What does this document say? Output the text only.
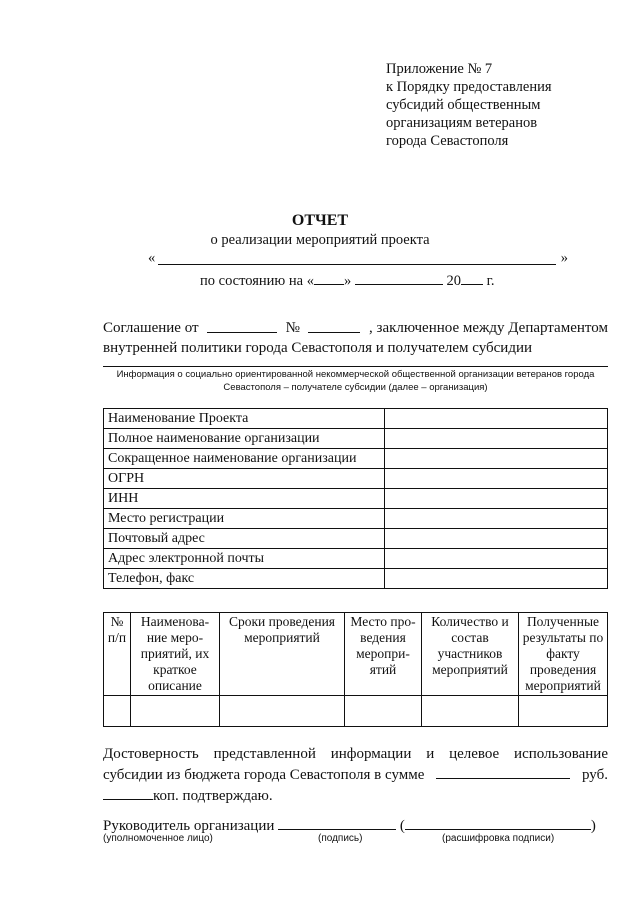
Приложение № 7
к Порядку предоставления
субсидий общественным
организациям ветеранов
города Севастополя
ОТЧЕТ
о реализации мероприятий проекта
«	»
по состоянию на « »	20 г.
Соглашение от	№	, заключенное между Департаментом
внутренней политики города Севастополя и получателем субсидии
Информация о социально ориентированной некоммерческой общественной организации ветеранов города
Севастополя – получателе субсидии (далее – организация)
Наименование Проекта	
Полное наименование организации	
Сокращенное наименование организации	
ОГРН	
ИНН	
Место регистрации	
Почтовый адрес	
Адрес электронной почты	
Телефон, факс	
№ п/п	Наименова-ние меро-приятий, их краткое описание	Сроки проведения мероприятий	Место про-ведения меропри-ятий	Количество и состав участников мероприятий	Полученные результаты по факту проведения мероприятий

Достоверность представленной информации и целевое использование
субсидии из бюджета города Севастополя в сумме	руб.
коп. подтверждаю.
Руководитель организации	(	)
(уполномоченное лицо)	(подпись)	(расшифровка подписи)
